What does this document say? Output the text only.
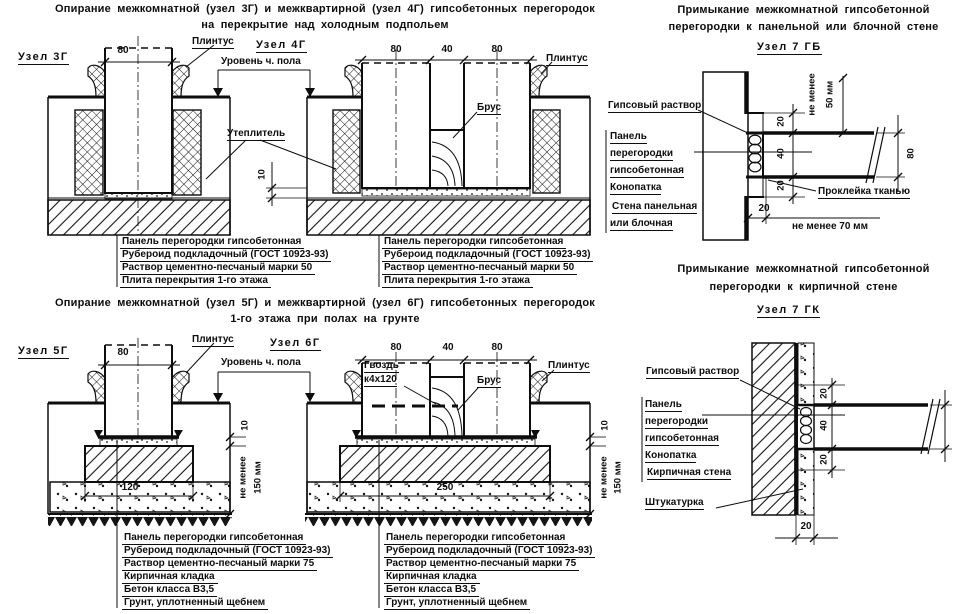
Опирание межкомнатной (узел 3Г) и межквартирной (узел 4Г) гипсобетонных перегородок
на перекрытие над холодным подпольем
Узел 3Г
Узел 4Г
80
Плинтус
Уровень ч. пола
Утеплитель
80	40	80
Брус
Плинтус
10
Панель перегородки гипсобетонная
Рубероид подкладочный (ГОСТ 10923-93)
Раствор цементно-песчаный марки 50
Плита перекрытия 1-го этажа
Панель перегородки гипсобетонная
Рубероид подкладочный (ГОСТ 10923-93)
Раствор цементно-песчаный марки 50
Плита перекрытия 1-го этажа
Примыкание межкомнатной гипсобетонной
перегородки к панельной или блочной стене
Узел 7 ГБ
Гипсовый раствор
Панель
перегородки
гипсобетонная
Конопатка
Стена панельная
или блочная
Проклейка тканью
не менее 70 мм
20
20
40
20
80
не менее 50 мм
Опирание межкомнатной (узел 5Г) и межквартирной (узел 6Г) гипсобетонных перегородок
1-го этажа при полах на грунте
Узел 5Г
Узел 6Г
80
Плинтус
Уровень ч. пола
80	40	80
Гвоздь
к4х120	Брус
Плинтус
120	250
10
не менее 150 мм
10
не менее 150 мм
Панель перегородки гипсобетонная
Рубероид подкладочный (ГОСТ 10923-93)
Раствор цементно-песчаный марки 75
Кирпичная кладка
Бетон класса В3,5
Грунт, уплотненный щебнем
Панель перегородки гипсобетонная
Рубероид подкладочный (ГОСТ 10923-93)
Раствор цементно-песчаный марки 75
Кирпичная кладка
Бетон класса В3,5
Грунт, уплотненный щебнем
Примыкание межкомнатной гипсобетонной
перегородки к кирпичной стене
Узел 7 ГК
Гипсовый раствор
Панель
перегородки
гипсобетонная
Конопатка
Кирпичная стена
Штукатурка
20
20
40
20
